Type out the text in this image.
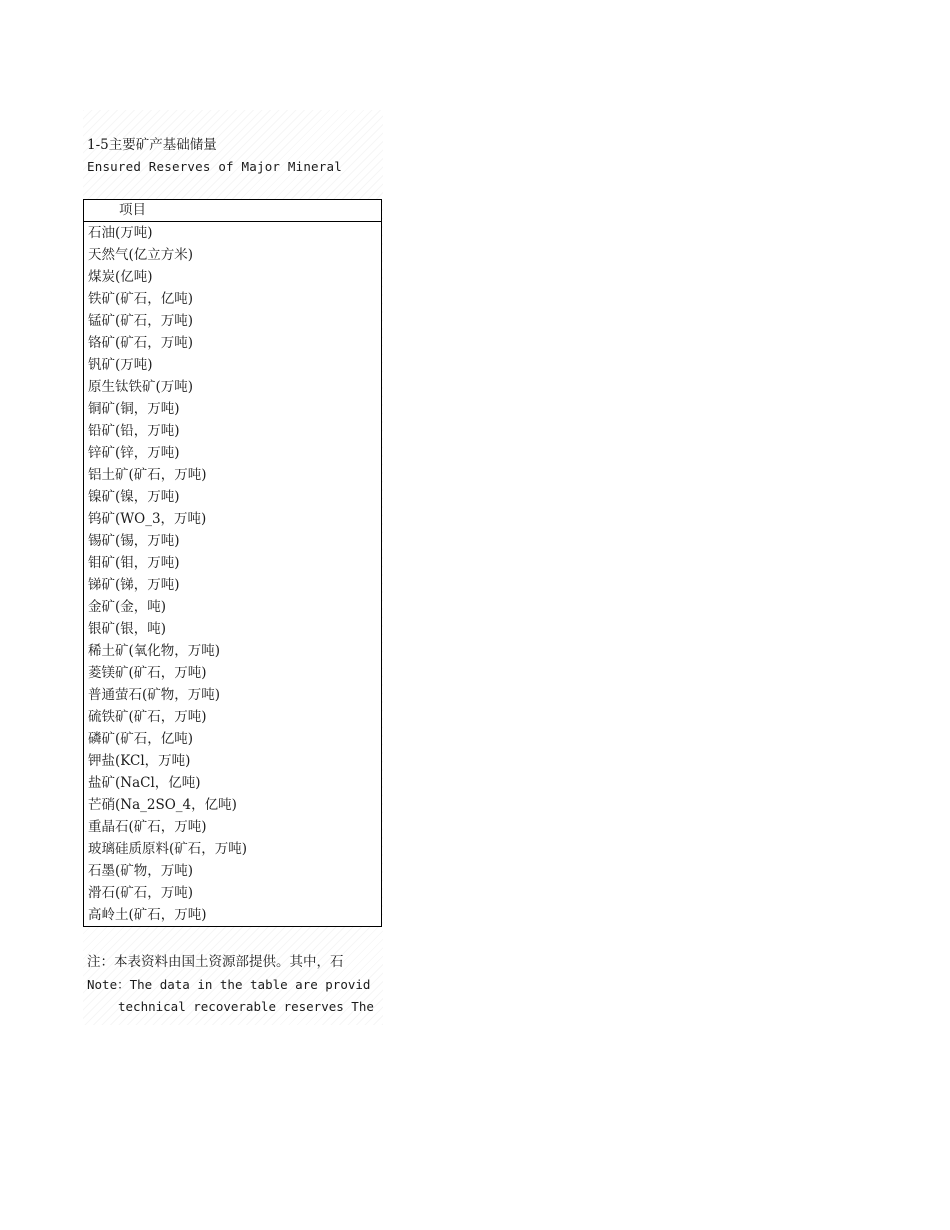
1-5主要矿产基础储量
Ensured Reserves of Major Mineral
项目
石油(万吨)
天然气(亿立方米)
煤炭(亿吨)
铁矿(矿石，亿吨)
锰矿(矿石，万吨)
铬矿(矿石，万吨)
钒矿(万吨)
原生钛铁矿(万吨)
铜矿(铜，万吨)
铅矿(铅，万吨)
锌矿(锌，万吨)
铝土矿(矿石，万吨)
镍矿(镍，万吨)
钨矿(WO_3，万吨)
锡矿(锡，万吨)
钼矿(钼，万吨)
锑矿(锑，万吨)
金矿(金，吨)
银矿(银，吨)
稀土矿(氧化物，万吨)
菱镁矿(矿石，万吨)
普通萤石(矿物，万吨)
硫铁矿(矿石，万吨)
磷矿(矿石，亿吨)
钾盐(KCl，万吨)
盐矿(NaCl，亿吨)
芒硝(Na_2SO_4，亿吨)
重晶石(矿石，万吨)
玻璃硅质原料(矿石，万吨)
石墨(矿物，万吨)
滑石(矿石，万吨)
高岭土(矿石，万吨)
注：本表资料由国土资源部提供。其中，石
Note：The data in the table are provid
technical recoverable reserves The
